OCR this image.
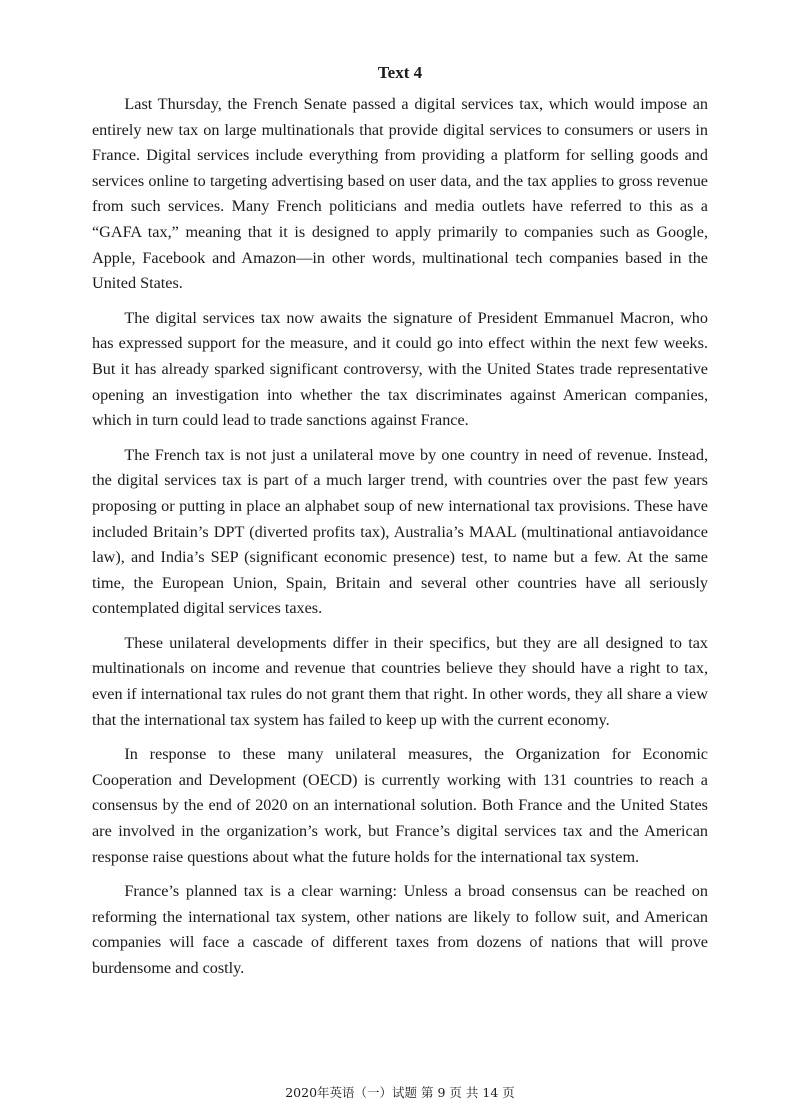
Text 4

Last Thursday, the French Senate passed a digital services tax, which would impose an entirely new tax on large multinationals that provide digital services to consumers or users in France. Digital services include everything from providing a platform for selling goods and services online to targeting advertising based on user data, and the tax applies to gross revenue from such services. Many French politicians and media outlets have referred to this as a “GAFA tax,” meaning that it is designed to apply primarily to companies such as Google, Apple, Facebook and Amazon—in other words, multinational tech companies based in the United States.

The digital services tax now awaits the signature of President Emmanuel Macron, who has expressed support for the measure, and it could go into effect within the next few weeks. But it has already sparked significant controversy, with the United States trade representative opening an investigation into whether the tax discriminates against American companies, which in turn could lead to trade sanctions against France.

The French tax is not just a unilateral move by one country in need of revenue. Instead, the digital services tax is part of a much larger trend, with countries over the past few years proposing or putting in place an alphabet soup of new international tax provisions. These have included Britain’s DPT (diverted profits tax), Australia’s MAAL (multinational antiavoidance law), and India’s SEP (significant economic presence) test, to name but a few. At the same time, the European Union, Spain, Britain and several other countries have all seriously contemplated digital services taxes.

These unilateral developments differ in their specifics, but they are all designed to tax multinationals on income and revenue that countries believe they should have a right to tax, even if international tax rules do not grant them that right. In other words, they all share a view that the international tax system has failed to keep up with the current economy.

In response to these many unilateral measures, the Organization for Economic Cooperation and Development (OECD) is currently working with 131 countries to reach a consensus by the end of 2020 on an international solution. Both France and the United States are involved in the organization’s work, but France’s digital services tax and the American response raise questions about what the future holds for the international tax system.

France’s planned tax is a clear warning: Unless a broad consensus can be reached on reforming the international tax system, other nations are likely to follow suit, and American companies will face a cascade of different taxes from dozens of nations that will prove burdensome and costly.

2020年英语（一）试题 第 9 页 共 14 页
